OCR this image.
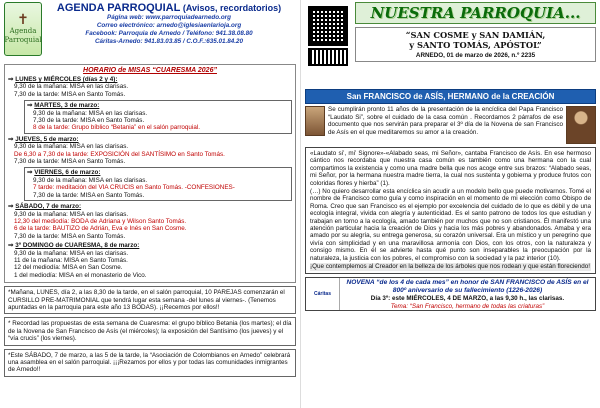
✝
Agenda
Parroquial
AGENDA PARROQUIAL (Avisos, recordatorios)
Página web: www.parroquiadearnedo.org
Correo electrónico: arnedo@iglesiaenlarioja.org
Facebook: Parroquia de Arnedo / Teléfono: 941.38.08.80
Cáritas-Arnedo: 941.83.03.85 / C.O.F.:635.01.84.20
HORARIO de MISAS “CUARESMA 2026”
⇒ LUNES y MIÉRCOLES (días 2 y 4):
9,30 de la mañana: MISA en las clarisas.
7,30 de la tarde: MISA en Santo Tomás.
⇒ MARTES, 3 de marzo:
9,30 de la mañana: MISA en las clarisas.
7,30 de la tarde: MISA en Santo Tomás.
8 de la tarde: Grupo bíblico “Betania” en el salón parroquial.
⇒ JUEVES, 5 de marzo:
9,30 de la mañana: MISA en las clarisas.
De 6,30 a 7,30 de la tarde: EXPOSICIÓN del SANTÍSIMO en Santo Tomás.
7,30 de la tarde: MISA en Santo Tomás.
⇒ VIERNES, 6 de marzo:
9,30 de la mañana: MISA en las clarisas.
7 tarde: meditación del VIA CRUCIS en Santo Tomás. -CONFESIONES-
7,30 de la tarde: MISA en Santo Tomás.
⇒ SÁBADO, 7 de marzo:
9,30 de la mañana: MISA en las clarisas.
12,30 del mediodía: BODA de Adriana y Wilson Santo Tomás.
6 de la tarde: BAUTIZO de Adrián, Eva e Inés en San Cosme.
7,30 de la tarde: MISA en Santo Tomás.
⇒ 3º DOMINGO de CUARESMA, 8 de marzo:
9,30 de la mañana: MISA en las clarisas.
11 de la mañana: MISA en Santo Tomás.
12 del mediodía: MISA en San Cosme.
1 del mediodía: MISA en el monasterio de Vico.
*Mañana, LUNES, día 2, a las 8,30 de la tarde, en el salón parroquial, 10 PAREJAS comenzarán el CURSILLO PRE-MATRIMONIAL que tendrá lugar esta semana -del lunes al viernes-. (Tenemos apuntadas en la parroquia para este año 13 BODAS). ¡¡Recemos por ellos!!
* Recordad las propuestas de esta semana de Cuaresma: el grupo bíblico Betania (los martes); el día de la Novena de San Francisco de Asís (el miércoles); la exposición del Santísimo (los jueves) y el “vía crucis” (los viernes).
*Este SÁBADO, 7 de marzo, a las 5 de la tarde, la “Asociación de Colombianos en Arnedo” celebrará una asamblea en el salón parroquial. ¡¡¡Rezamos por ellos y por todas las comunidades inmigrantes de Arnedo!!
NUESTRA PARROQUIA...
“SAN COSME y SAN DAMIÁN,
y SANTO TOMÁS, APÓSTOL”
ARNEDO, 01 de marzo de 2026, n.º 2235
San FRANCISCO de ASÍS, HERMANO de la CREACIÓN
Se cumplirán pronto 11 años de la presentación de la encíclica del Papa Francisco “Laudato Si”, sobre el cuidado de la casa común . Recordamos 2 párrafos de ese documento que nos servirán para preparar el 3º día de la Novena de san Francisco de Asís en el que meditaremos su amor a la creación.

«Laudato si’, mi’ Signore»-«Alabado seas, mi Señor», cantaba Francisco de Asís. En ese hermoso cántico nos recordaba que nuestra casa común es también como una hermana con la cual compartimos la existencia y como una madre bella que nos acoge entre sus brazos: “Alabado seas, mi Señor, por la hermana nuestra madre tierra, la cual nos sustenta y gobierna y produce frutos con coloridas flores y hierba” (1).

(…) No quiero desarrollar esta encíclica sin acudir a un modelo bello que puede motivarnos. Tomé el nombre de Francisco como guía y como inspiración en el momento de mi elección como Obispo de Roma. Creo que san Francisco es el ejemplo por excelencia del cuidado de lo que es débil y de una ecología integral, vivida con alegría y autenticidad. Es el santo patrono de todos los que estudian y trabajan en torno a la ecología, amado también por muchos que no son cristianos. Él manifestó una atención particular hacia la creación de Dios y hacia los más pobres y abandonados. Amaba y era amado por su alegría, su entrega generosa, su corazón universal. Era un místico y un peregrino que vivía con simplicidad y en una maravillosa armonía con Dios, con los otros, con la naturaleza y consigo mismo. En él se advierte hasta qué punto son inseparables la preocupación por la naturaleza, la justicia con los pobres, el compromiso con la sociedad y la paz interior (10).

¡Que contemplemos al Creador en la belleza de los árboles que nos rodean y que están floreciendo!

Cáritas
NOVENA “de los 4 de cada mes” en honor de SAN FRANCISCO de ASÍS en el 800º aniversario de su fallecimiento (1226-2026)
Día 3º: este MIÉRCOLES, 4 DE MARZO, a las 9,30 h., las clarisas.
Tema: “San Francisco, hermano de todas las criaturas”
